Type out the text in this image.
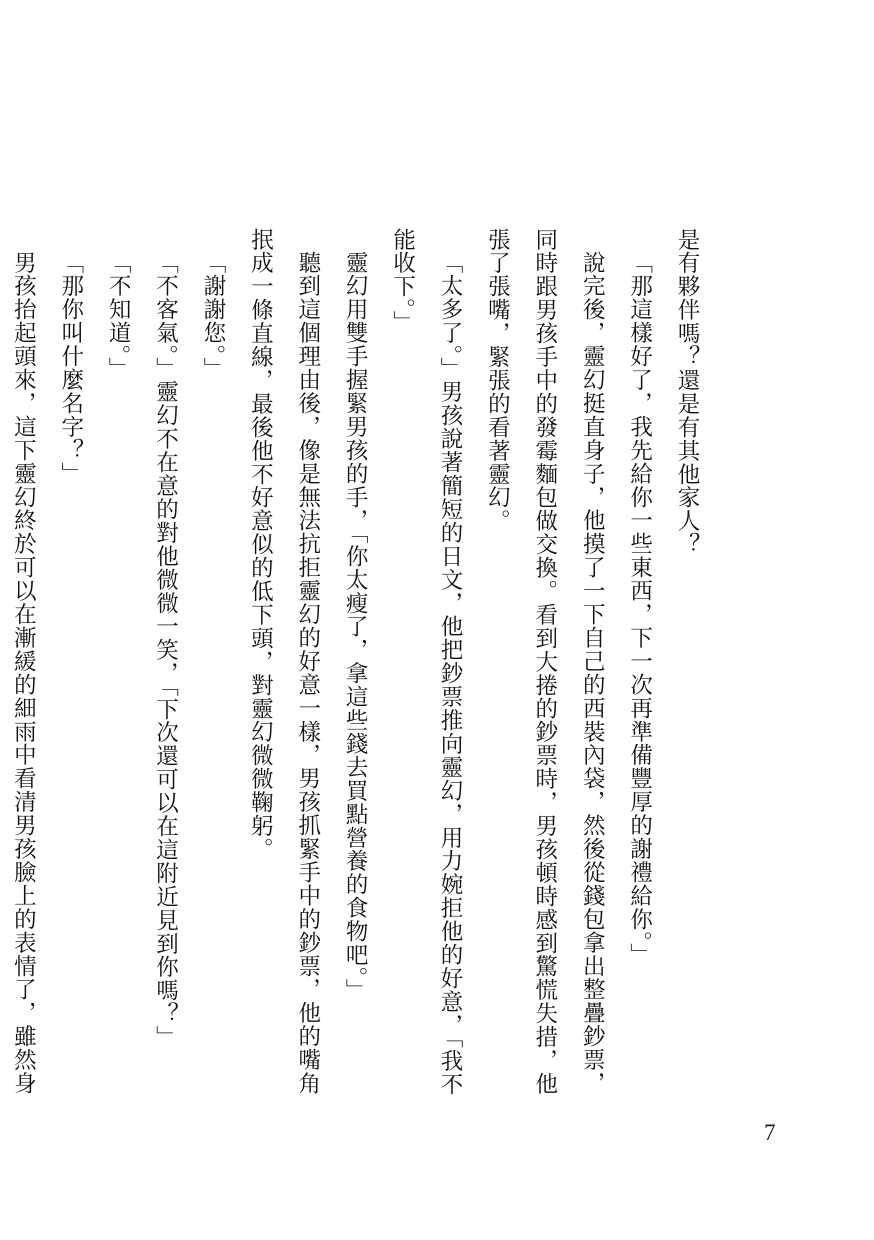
是有夥伴嗎？還是有其他家人？

「那這樣好了，我先給你一些東西，下一次再準備豐厚的謝禮給你。」

說完後，靈幻挺直身子，他摸了一下自己的西裝內袋，然後從錢包拿出整疊鈔票，同時跟男孩手中的發霉麵包做交換。看到大捲的鈔票時，男孩頓時感到驚慌失措，他張了張嘴，緊張的看著靈幻。

「太多了。」男孩說著簡短的日文，他把鈔票推向靈幻，用力婉拒他的好意，「我不能收下。」

靈幻用雙手握緊男孩的手，「你太瘦了，拿這些錢去買點營養的食物吧。」

聽到這個理由後，像是無法抗拒靈幻的好意一樣，男孩抓緊手中的鈔票，他的嘴角抿成一條直線，最後他不好意似的低下頭，對靈幻微微鞠躬。

「謝謝您。」

「不客氣。」靈幻不在意的對他微微一笑，「下次還可以在這附近見到你嗎？」

「不知道。」

「那你叫什麼名字？」

男孩抬起頭來，這下靈幻終於可以在漸緩的細雨中看清男孩臉上的表情了，雖然身

7
